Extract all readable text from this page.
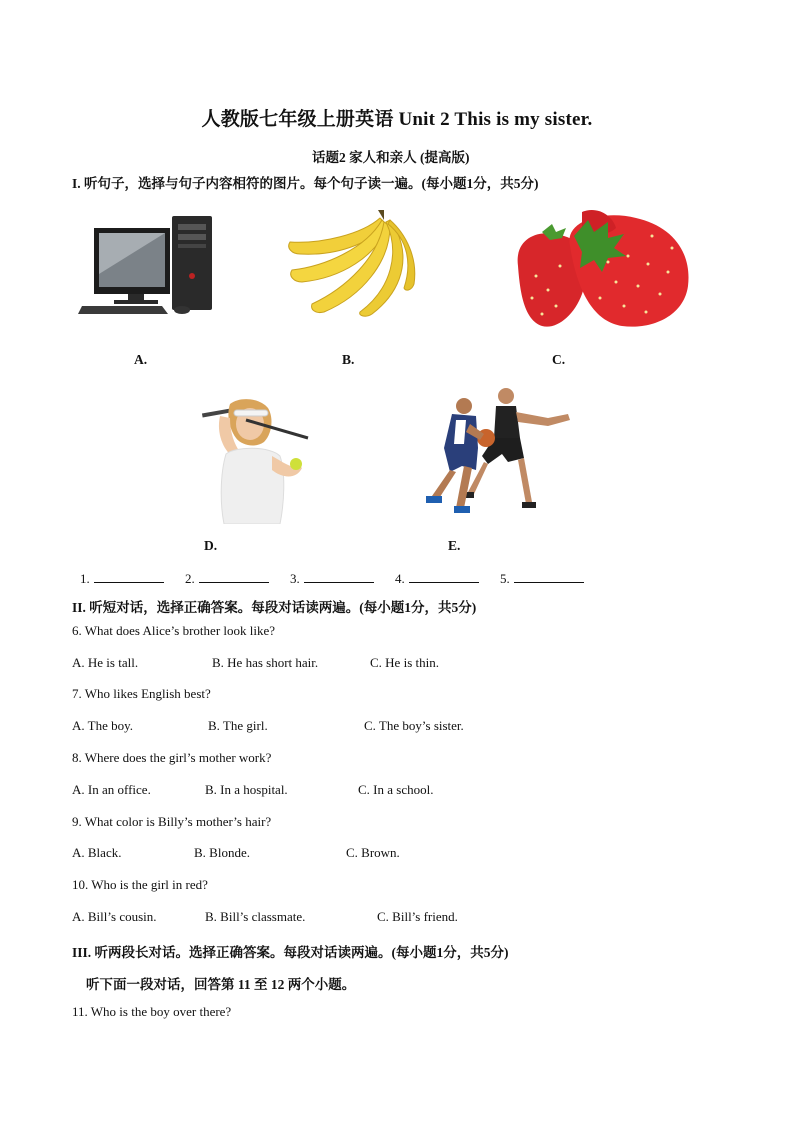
人教版七年级上册英语 Unit 2 This is my sister.
话题2 家人和亲人 (提高版)
I. 听句子，选择与句子内容相符的图片。每个句子读一遍。(每小题1分，共5分)
A.	B.	C.
D.	E.
1.	2.	3.	4.	5.
II. 听短对话，选择正确答案。每段对话读两遍。(每小题1分，共5分)
6. What does Alice’s brother look like?
A. He is tall.	B. He has short hair.	C. He is thin.
7. Who likes English best?
A. The boy.	B. The girl.	C. The boy’s sister.
8. Where does the girl’s mother work?
A. In an office.	B. In a hospital.	C. In a school.
9. What color is Billy’s mother’s hair?
A. Black.	B. Blonde.	C. Brown.
10. Who is the girl in red?
A. Bill’s cousin.	B. Bill’s classmate.	C. Bill’s friend.
III. 听两段长对话。选择正确答案。每段对话读两遍。(每小题1分，共5分)
听下面一段对话，回答第 11 至 12 两个小题。
11. Who is the boy over there?
